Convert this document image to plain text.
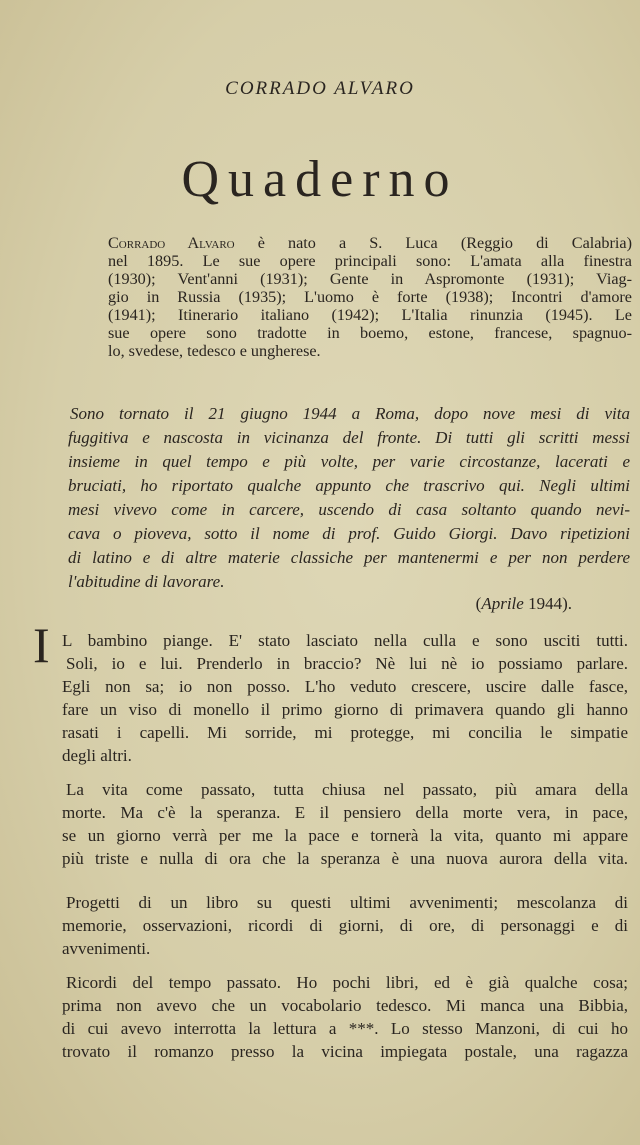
CORRADO ALVARO
Quaderno
Corrado Alvaro è nato a S. Luca (Reggio di Calabria)
nel 1895. Le sue opere principali sono: L'amata alla finestra
(1930); Vent'anni (1931); Gente in Aspromonte (1931); Viag-
gio in Russia (1935); L'uomo è forte (1938); Incontri d'amore
(1941); Itinerario italiano (1942); L'Italia rinunzia (1945). Le
sue opere sono tradotte in boemo, estone, francese, spagnuo-
lo, svedese, tedesco e ungherese.
Sono tornato il 21 giugno 1944 a Roma, dopo nove mesi di vita
fuggitiva e nascosta in vicinanza del fronte. Di tutti gli scritti messi
insieme in quel tempo e più volte, per varie circostanze, lacerati e
bruciati, ho riportato qualche appunto che trascrivo qui. Negli ultimi
mesi vivevo come in carcere, uscendo di casa soltanto quando nevi-
cava o pioveva, sotto il nome di prof. Guido Giorgi. Davo ripetizioni
di latino e di altre materie classiche per mantenermi e per non perdere
l'abitudine di lavorare.
(Aprile 1944).
I L bambino piange. E' stato lasciato nella culla e sono usciti tutti.
Soli, io e lui. Prenderlo in braccio? Nè lui nè io possiamo parlare.
Egli non sa; io non posso. L'ho veduto crescere, uscire dalle fasce,
fare un viso di monello il primo giorno di primavera quando gli hanno
rasati i capelli. Mi sorride, mi protegge, mi concilia le simpatie
degli altri.
La vita come passato, tutta chiusa nel passato, più amara della
morte. Ma c'è la speranza. E il pensiero della morte vera, in pace,
se un giorno verrà per me la pace e tornerà la vita, quanto mi appare
più triste e nulla di ora che la speranza è una nuova aurora della vita.
Progetti di un libro su questi ultimi avvenimenti; mescolanza di
memorie, osservazioni, ricordi di giorni, di ore, di personaggi e di
avvenimenti.
Ricordi del tempo passato. Ho pochi libri, ed è già qualche cosa;
prima non avevo che un vocabolario tedesco. Mi manca una Bibbia,
di cui avevo interrotta la lettura a ***. Lo stesso Manzoni, di cui ho
trovato il romanzo presso la vicina impiegata postale, una ragazza
